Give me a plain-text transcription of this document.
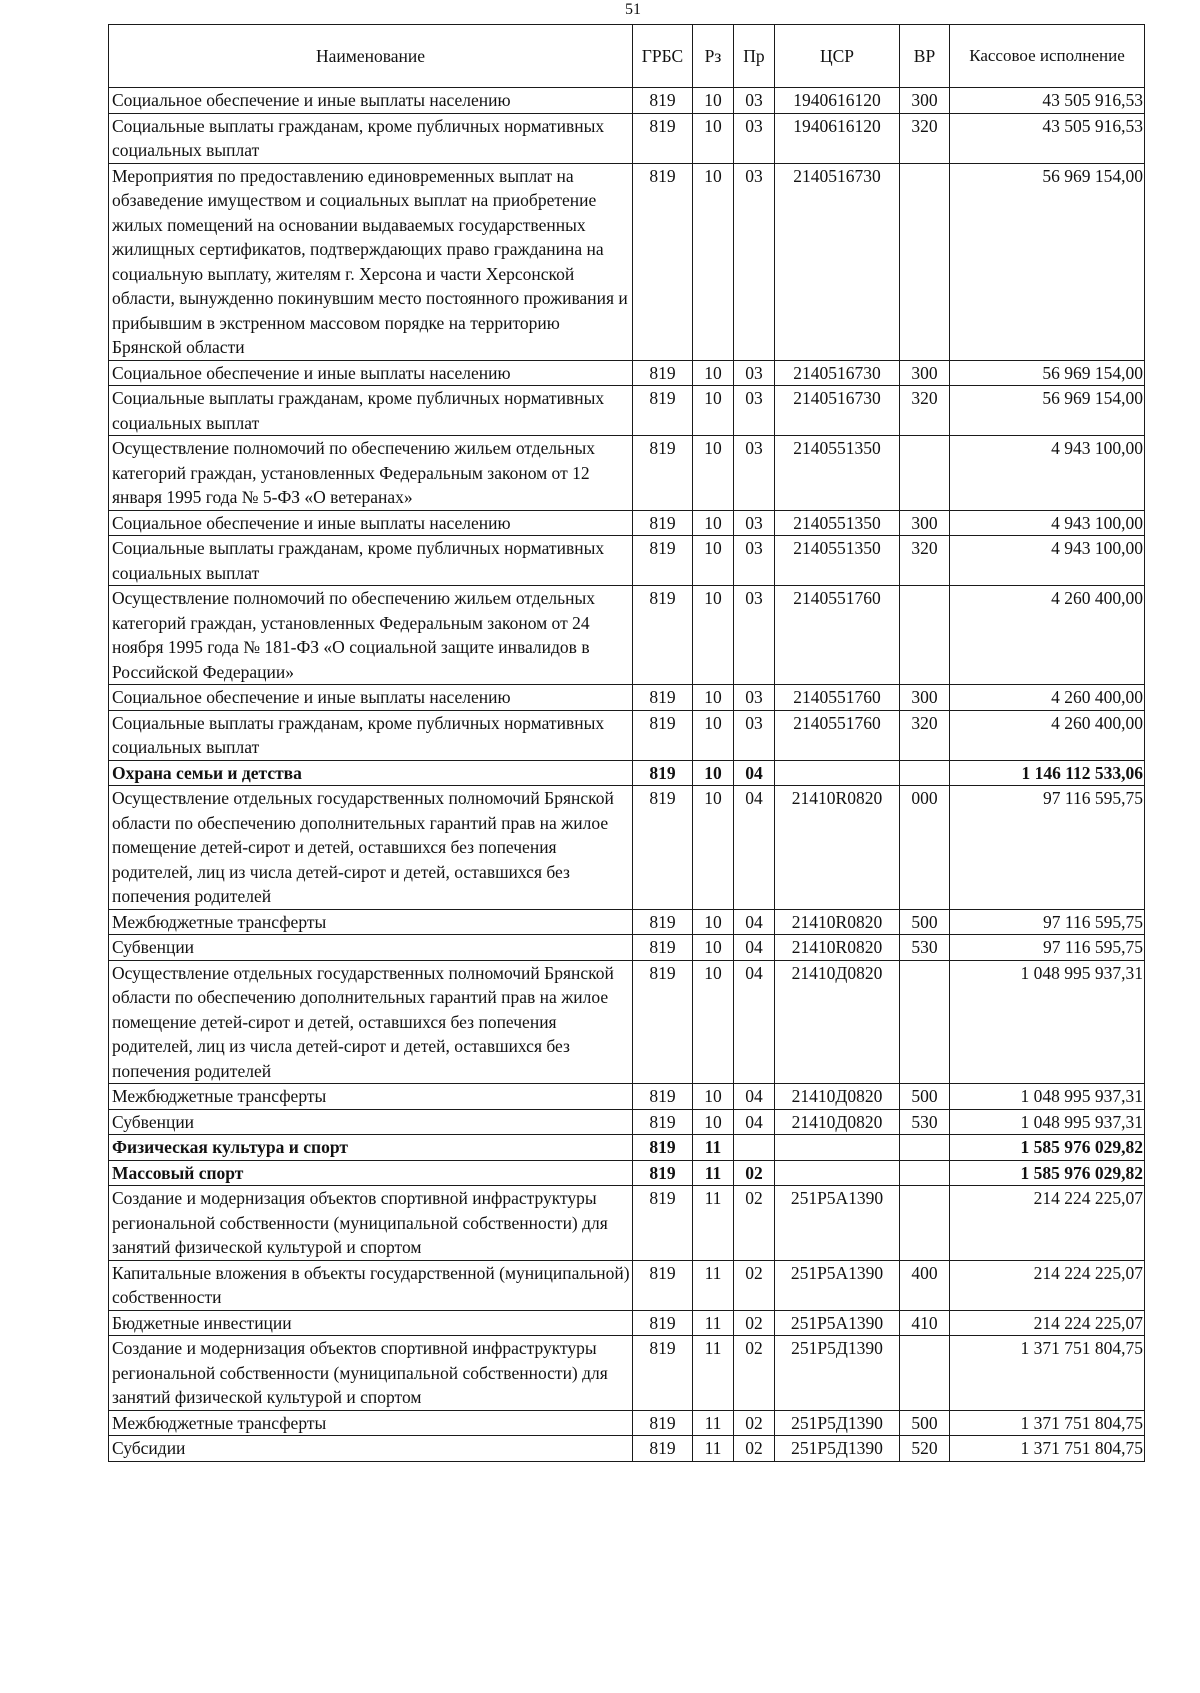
51
Наименование	ГРБС	Рз	Пр	ЦСР	ВР	Кассовое исполнение
Социальное обеспечение и иные выплаты населению	819	10	03	1940616120	300	43 505 916,53
Социальные выплаты гражданам, кроме публичных нормативных социальных выплат	819	10	03	1940616120	320	43 505 916,53
Мероприятия по предоставлению единовременных выплат на обзаведение имуществом и социальных выплат на приобретение жилых помещений на основании выдаваемых государственных жилищных сертификатов, подтверждающих право гражданина на социальную выплату, жителям г. Херсона и части Херсонской области, вынужденно покинувшим место постоянного проживания и прибывшим в экстренном массовом порядке на территорию Брянской области	819	10	03	2140516730		56 969 154,00
Социальное обеспечение и иные выплаты населению	819	10	03	2140516730	300	56 969 154,00
Социальные выплаты гражданам, кроме публичных нормативных социальных выплат	819	10	03	2140516730	320	56 969 154,00
Осуществление полномочий по обеспечению жильем отдельных категорий граждан, установленных Федеральным законом от 12 января 1995 года № 5-ФЗ «О ветеранах»	819	10	03	2140551350		4 943 100,00
Социальное обеспечение и иные выплаты населению	819	10	03	2140551350	300	4 943 100,00
Социальные выплаты гражданам, кроме публичных нормативных социальных выплат	819	10	03	2140551350	320	4 943 100,00
Осуществление полномочий по обеспечению жильем отдельных категорий граждан, установленных Федеральным законом от 24 ноября 1995 года № 181-ФЗ «О социальной защите инвалидов в Российской Федерации»	819	10	03	2140551760		4 260 400,00
Социальное обеспечение и иные выплаты населению	819	10	03	2140551760	300	4 260 400,00
Социальные выплаты гражданам, кроме публичных нормативных социальных выплат	819	10	03	2140551760	320	4 260 400,00
Охрана семьи и детства	819	10	04			1 146 112 533,06
Осуществление отдельных государственных полномочий Брянской области по обеспечению дополнительных гарантий прав на жилое помещение детей-сирот и детей, оставшихся без попечения родителей, лиц из числа детей-сирот и детей, оставшихся без попечения родителей	819	10	04	21410R0820	000	97 116 595,75
Межбюджетные трансферты	819	10	04	21410R0820	500	97 116 595,75
Субвенции	819	10	04	21410R0820	530	97 116 595,75
Осуществление отдельных государственных полномочий Брянской области по обеспечению дополнительных гарантий прав на жилое помещение детей-сирот и детей, оставшихся без попечения родителей, лиц из числа детей-сирот и детей, оставшихся без попечения родителей	819	10	04	21410Д0820		1 048 995 937,31
Межбюджетные трансферты	819	10	04	21410Д0820	500	1 048 995 937,31
Субвенции	819	10	04	21410Д0820	530	1 048 995 937,31
Физическая культура и спорт	819	11				1 585 976 029,82
Массовый спорт	819	11	02			1 585 976 029,82
Создание и модернизация объектов спортивной инфраструктуры региональной собственности (муниципальной собственности) для занятий физической культурой и спортом	819	11	02	251P5A1390		214 224 225,07
Капитальные вложения в объекты государственной (муниципальной) собственности	819	11	02	251P5A1390	400	214 224 225,07
Бюджетные инвестиции	819	11	02	251P5A1390	410	214 224 225,07
Создание и модернизация объектов спортивной инфраструктуры региональной собственности (муниципальной собственности) для занятий физической культурой и спортом	819	11	02	251P5Д1390		1 371 751 804,75
Межбюджетные трансферты	819	11	02	251P5Д1390	500	1 371 751 804,75
Субсидии	819	11	02	251P5Д1390	520	1 371 751 804,75
